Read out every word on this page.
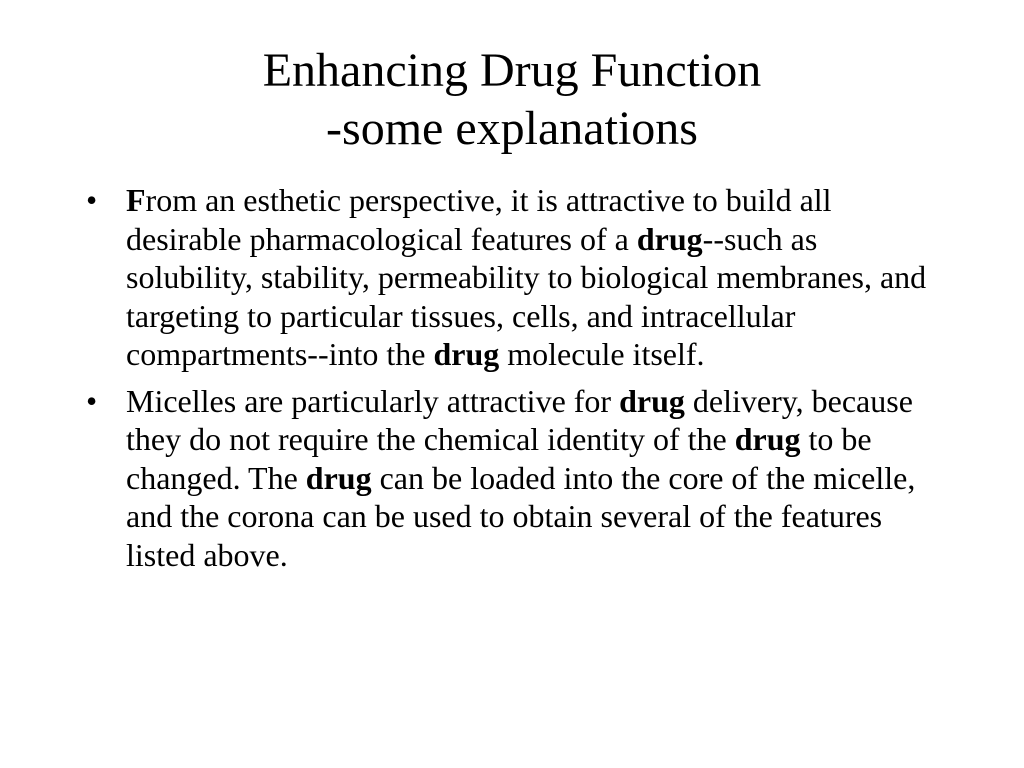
Enhancing Drug Function
-some explanations
• From an esthetic perspective, it is attractive to build all desirable pharmacological features of a drug--such as solubility, stability, permeability to biological membranes, and targeting to particular tissues, cells, and intracellular compartments--into the drug molecule itself.
• Micelles are particularly attractive for drug delivery, because they do not require the chemical identity of the drug to be changed. The drug can be loaded into the core of the micelle, and the corona can be used to obtain several of the features listed above.
